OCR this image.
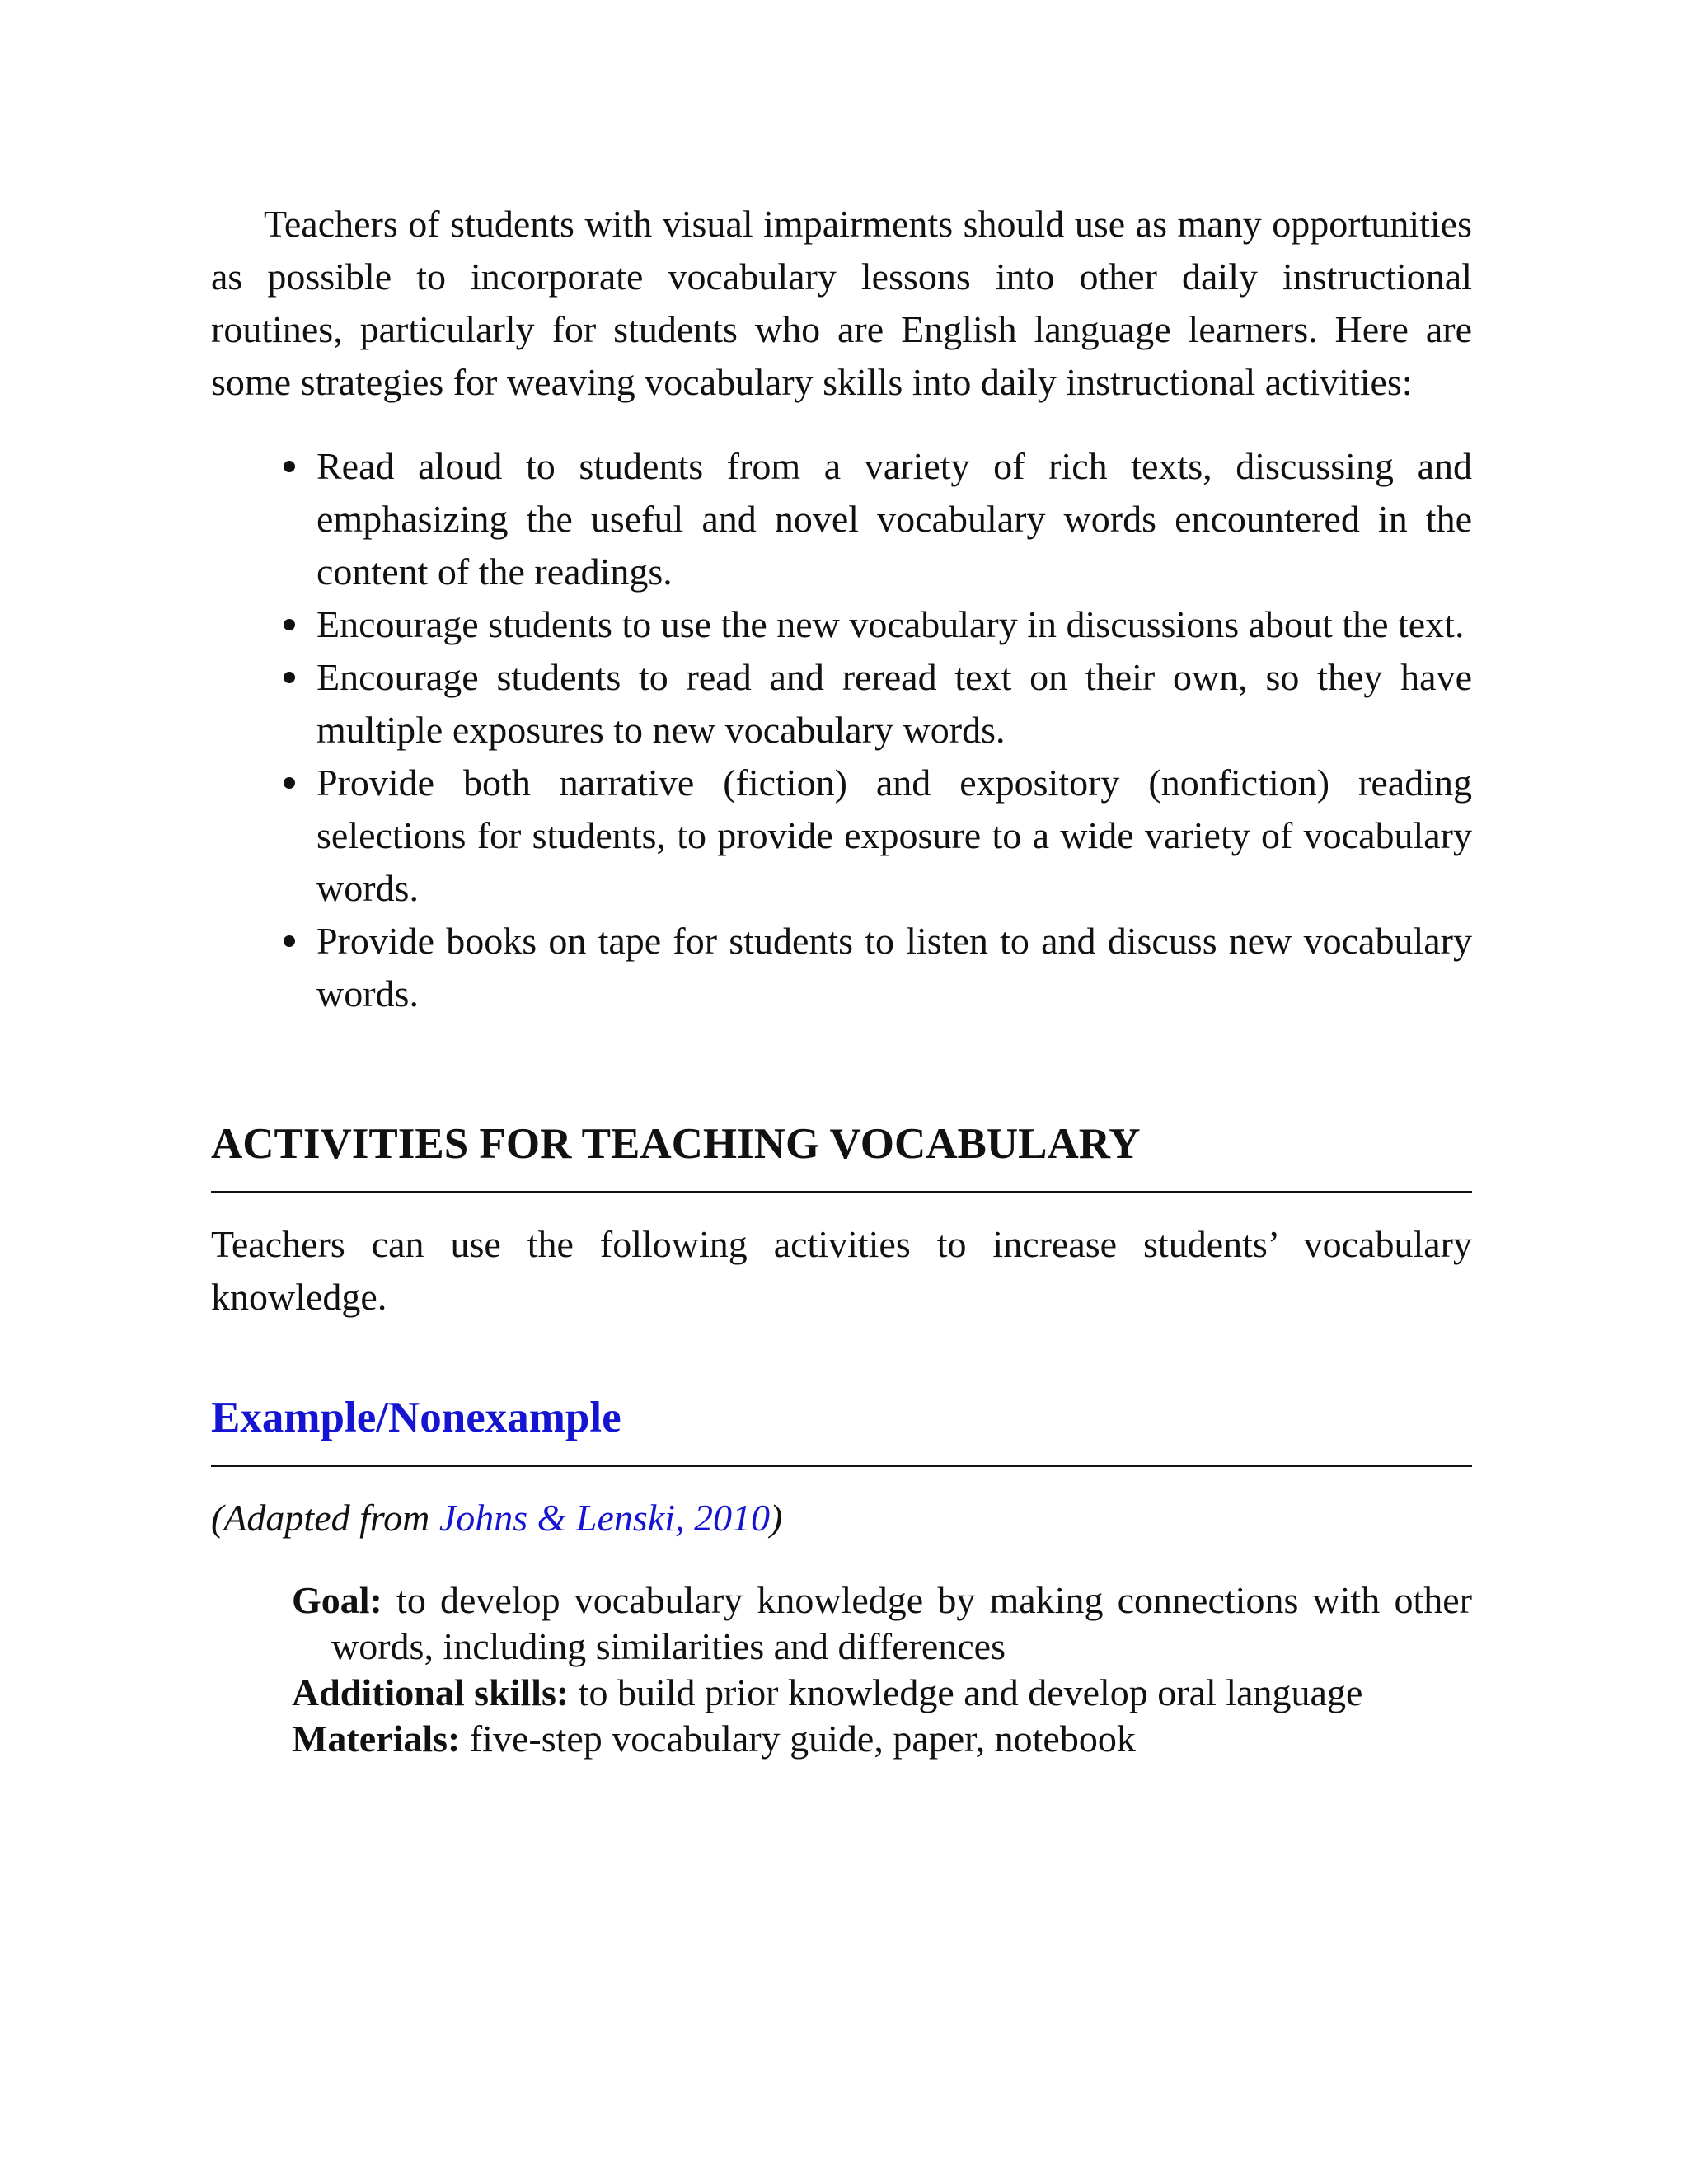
Teachers of students with visual impairments should use as many opportunities as possible to incorporate vocabulary lessons into other daily instructional routines, particularly for students who are English language learners. Here are some strategies for weaving vocabulary skills into daily instructional activities:

Read aloud to students from a variety of rich texts, discussing and emphasizing the useful and novel vocabulary words encountered in the content of the readings.
Encourage students to use the new vocabulary in discussions about the text.
Encourage students to read and reread text on their own, so they have multiple exposures to new vocabulary words.
Provide both narrative (fiction) and expository (nonfiction) reading selections for students, to provide exposure to a wide variety of vocabulary words.
Provide books on tape for students to listen to and discuss new vocabulary words.
ACTIVITIES FOR TEACHING VOCABULARY

Teachers can use the following activities to increase students’ vocabulary knowledge.

Example/Nonexample

(Adapted from Johns & Lenski, 2010)

Goal: to develop vocabulary knowledge by making connections with other words, including similarities and differences
Additional skills: to build prior knowledge and develop oral language
Materials: five-step vocabulary guide, paper, notebook
